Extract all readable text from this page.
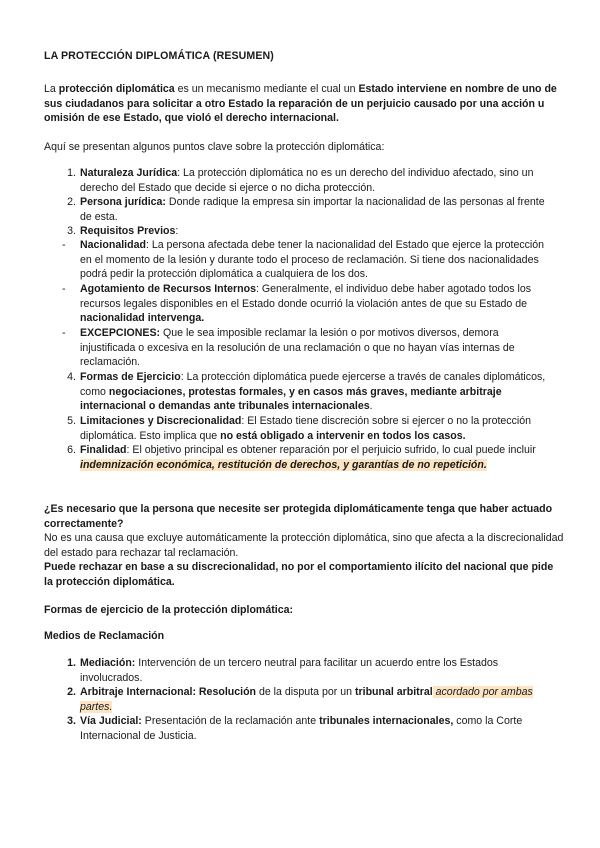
LA PROTECCIÓN DIPLOMÁTICA (RESUMEN)
La protección diplomática es un mecanismo mediante el cual un Estado interviene en nombre de uno de sus ciudadanos para solicitar a otro Estado la reparación de un perjuicio causado por una acción u omisión de ese Estado, que violó el derecho internacional.
Aquí se presentan algunos puntos clave sobre la protección diplomática:
1. Naturaleza Jurídica: La protección diplomática no es un derecho del individuo afectado, sino un derecho del Estado que decide si ejerce o no dicha protección.
2. Persona jurídica: Donde radique la empresa sin importar la nacionalidad de las personas al frente de esta.
3. Requisitos Previos:
- Nacionalidad: La persona afectada debe tener la nacionalidad del Estado que ejerce la protección en el momento de la lesión y durante todo el proceso de reclamación. Si tiene dos nacionalidades podrá pedir la protección diplomática a cualquiera de los dos.
- Agotamiento de Recursos Internos: Generalmente, el individuo debe haber agotado todos los recursos legales disponibles en el Estado donde ocurrió la violación antes de que su Estado de nacionalidad intervenga.
- EXCEPCIONES: Que le sea imposible reclamar la lesión o por motivos diversos, demora injustificada o excesiva en la resolución de una reclamación o que no hayan vías internas de reclamación.
4. Formas de Ejercicio: La protección diplomática puede ejercerse a través de canales diplomáticos, como negociaciones, protestas formales, y en casos más graves, mediante arbitraje internacional o demandas ante tribunales internacionales.
5. Limitaciones y Discrecionalidad: El Estado tiene discreción sobre si ejercer o no la protección diplomática. Esto implica que no está obligado a intervenir en todos los casos.
6. Finalidad: El objetivo principal es obtener reparación por el perjuicio sufrido, lo cual puede incluir indemnización económica, restitución de derechos, y garantías de no repetición.
¿Es necesario que la persona que necesite ser protegida diplomáticamente tenga que haber actuado correctamente?
No es una causa que excluye automáticamente la protección diplomática, sino que afecta a la discrecionalidad del estado para rechazar tal reclamación.
Puede rechazar en base a su discrecionalidad, no por el comportamiento ilícito del nacional que pide la protección diplomática.
Formas de ejercicio de la protección diplomática:
Medios de Reclamación
1. Mediación: Intervención de un tercero neutral para facilitar un acuerdo entre los Estados involucrados.
2. Arbitraje Internacional: Resolución de la disputa por un tribunal arbitral acordado por ambas partes.
3. Vía Judicial: Presentación de la reclamación ante tribunales internacionales, como la Corte Internacional de Justicia.
